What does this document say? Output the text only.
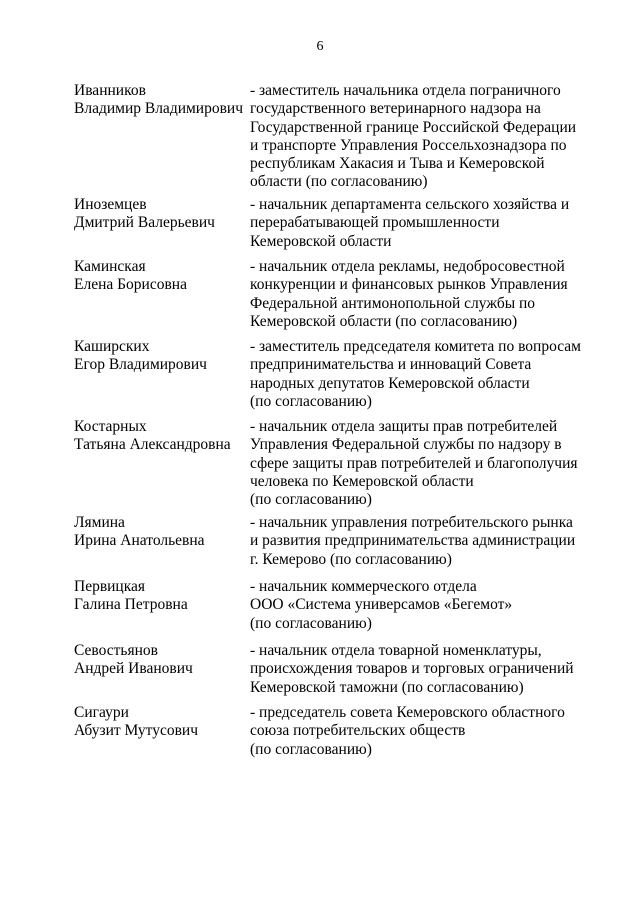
6
Иванников
Владимир Владимирович
- заместитель начальника отдела пограничного
государственного ветеринарного надзора на
Государственной границе Российской Федерации
и транспорте Управления Россельхознадзора по
республикам Хакасия и Тыва и Кемеровской
области (по согласованию)
Иноземцев
Дмитрий Валерьевич
- начальник департамента сельского хозяйства и
перерабатывающей промышленности
Кемеровской области
Каминская
Елена Борисовна
- начальник отдела рекламы, недобросовестной
конкуренции и финансовых рынков Управления
Федеральной антимонопольной службы по
Кемеровской области (по согласованию)
Каширских
Егор Владимирович
- заместитель председателя комитета по вопросам
предпринимательства и инноваций Совета
народных депутатов Кемеровской области
(по согласованию)
Костарных
Татьяна Александровна
- начальник отдела защиты прав потребителей
Управления Федеральной службы по надзору в
сфере защиты прав потребителей и благополучия
человека по Кемеровской области
(по согласованию)
Лямина
Ирина Анатольевна
- начальник управления потребительского рынка
и развития предпринимательства администрации
г. Кемерово (по согласованию)
Первицкая
Галина Петровна
- начальник коммерческого отдела
ООО «Система универсамов «Бегемот»
(по согласованию)
Севостьянов
Андрей Иванович
- начальник отдела товарной номенклатуры,
происхождения товаров и торговых ограничений
Кемеровской таможни (по согласованию)
Сигаури
Абузит Мутусович
- председатель совета Кемеровского областного
союза потребительских обществ
(по согласованию)
